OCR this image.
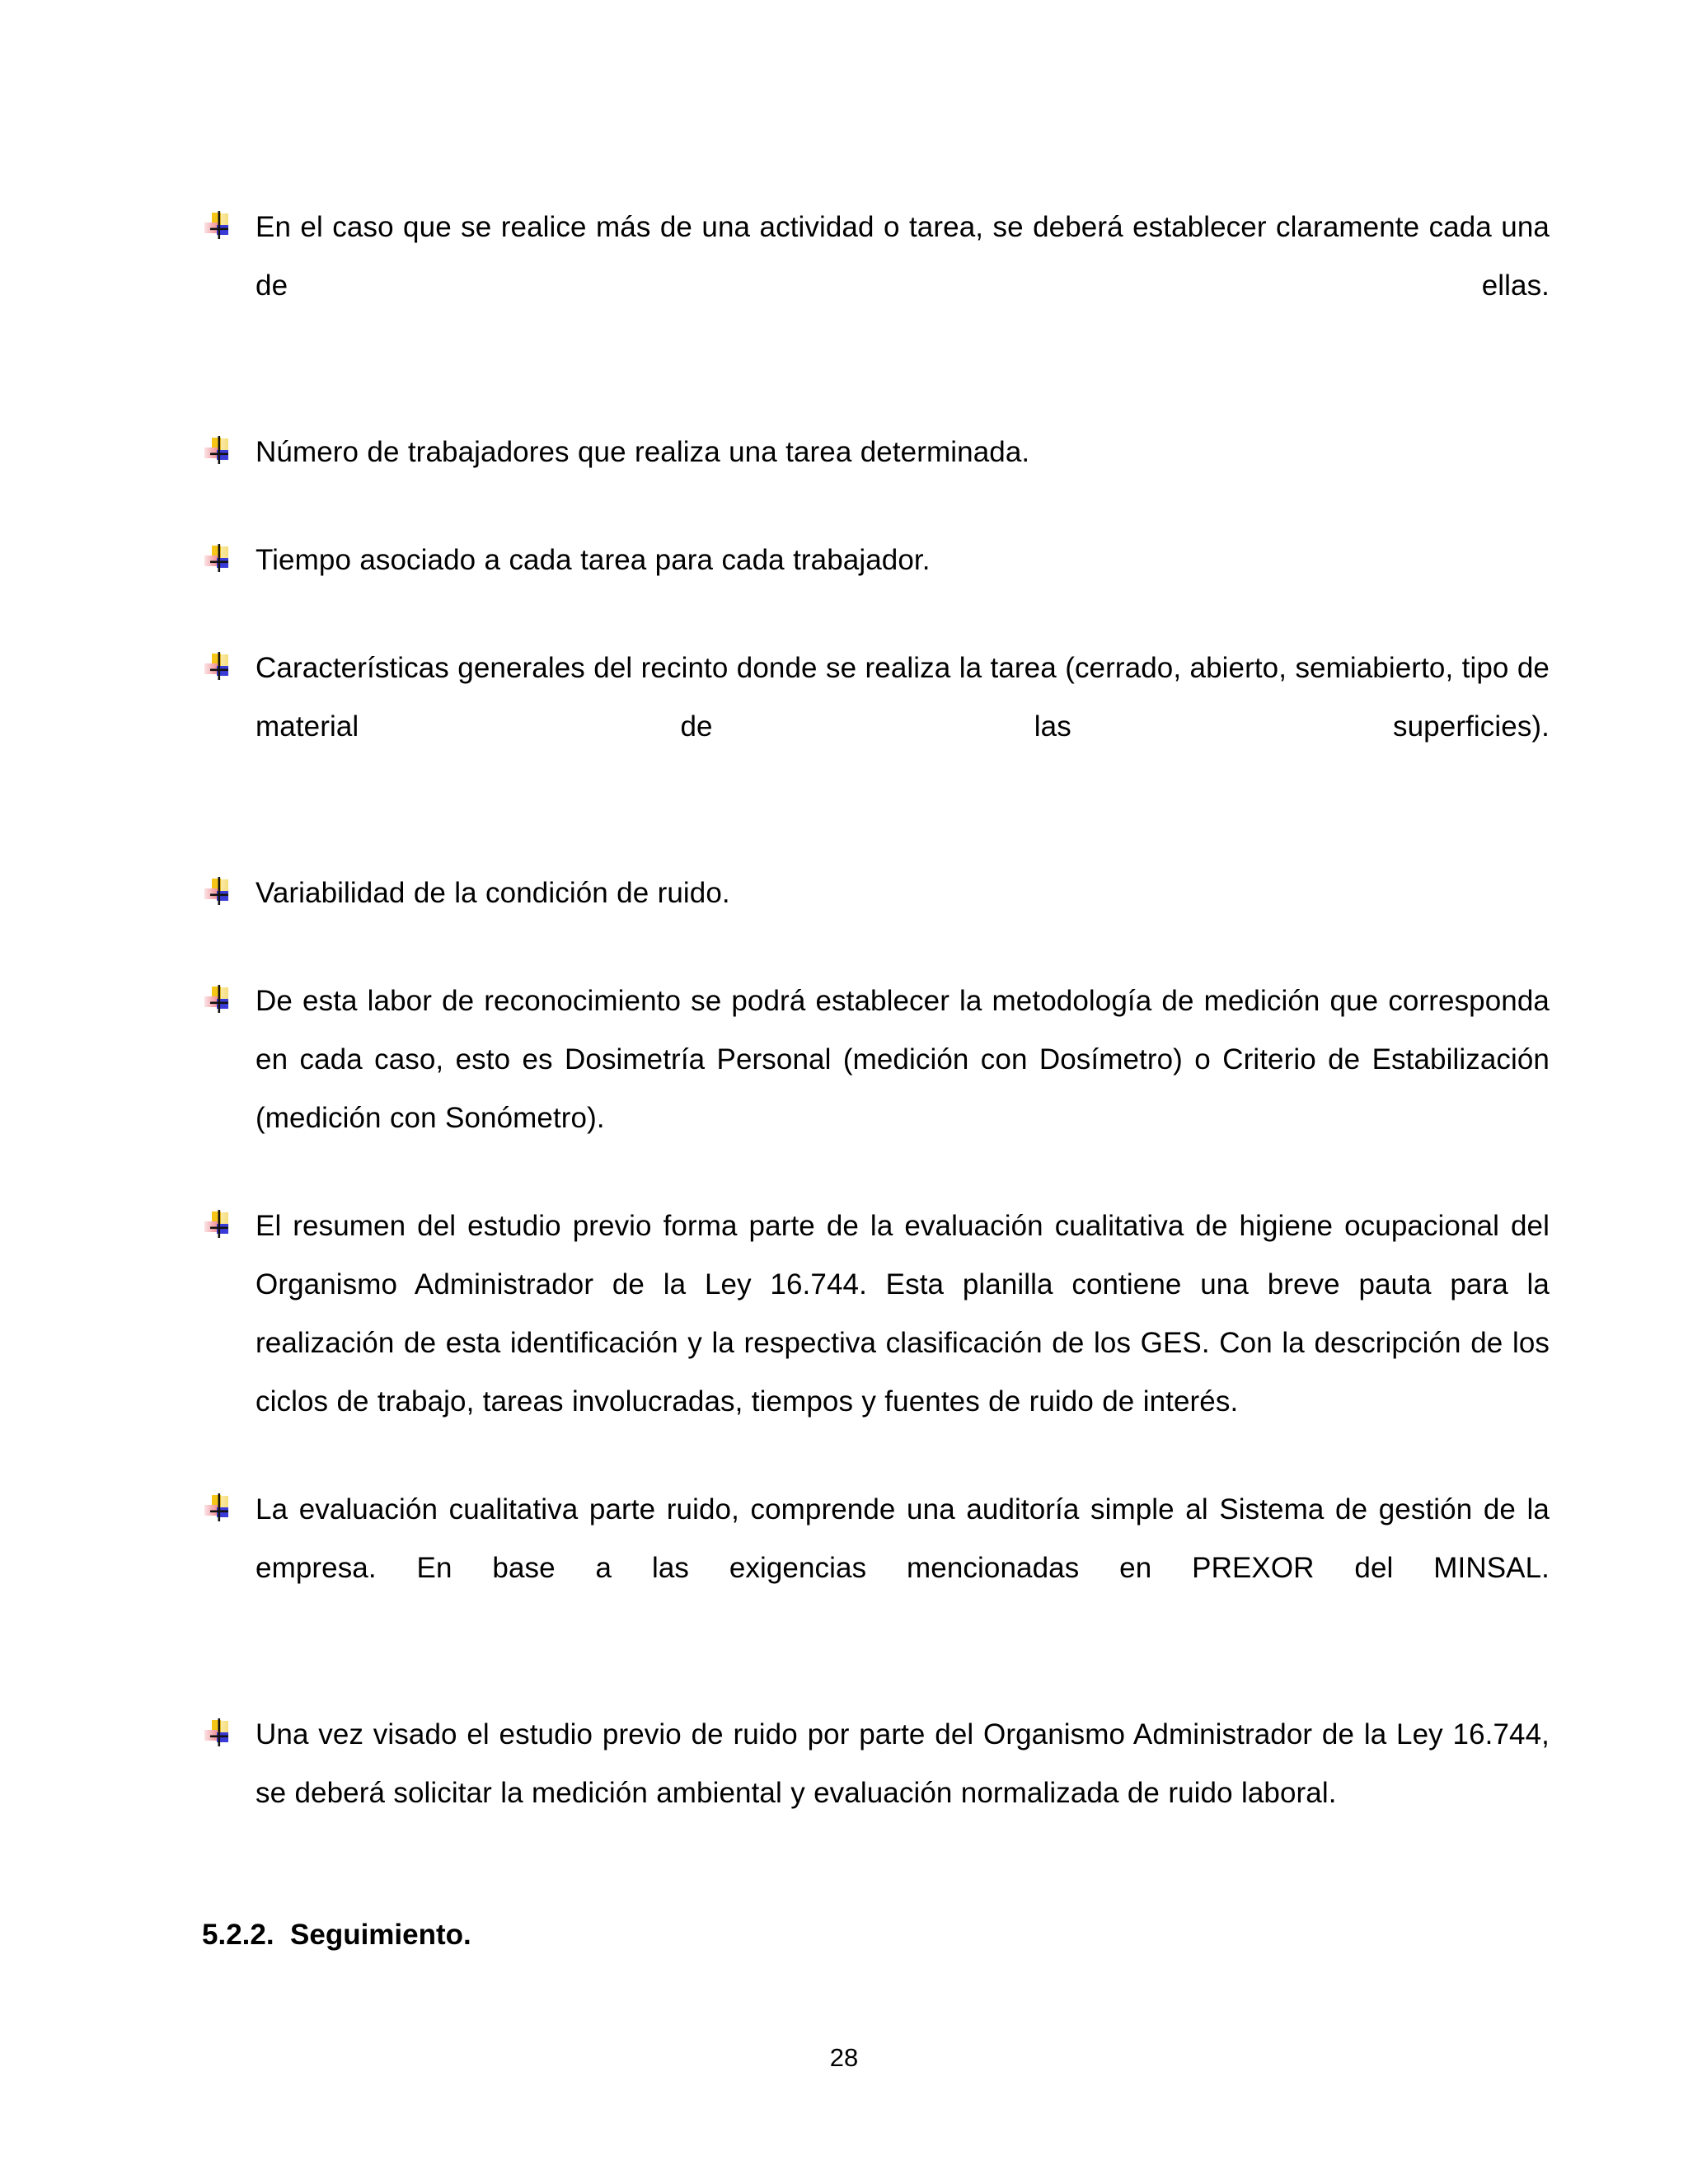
En el caso que se realice más de una actividad o tarea, se deberá establecer claramente cada una de ellas.
Número de trabajadores que realiza una tarea determinada.
Tiempo asociado a cada tarea para cada trabajador.
Características generales del recinto donde se realiza la tarea (cerrado, abierto, semiabierto, tipo de material de las superficies).
Variabilidad de la condición de ruido.
De esta labor de reconocimiento se podrá establecer la metodología de medición que corresponda en cada caso, esto es Dosimetría Personal (medición con Dosímetro) o Criterio de Estabilización (medición con Sonómetro).
El resumen del estudio previo forma parte de la evaluación cualitativa de higiene ocupacional del Organismo Administrador de la Ley 16.744. Esta planilla contiene una breve pauta para la realización de esta identificación y la respectiva clasificación de los GES. Con la descripción de los ciclos de trabajo, tareas involucradas, tiempos y fuentes de ruido de interés.
La evaluación cualitativa parte ruido, comprende una auditoría simple al Sistema de gestión de la empresa. En base a las exigencias mencionadas en PREXOR del MINSAL.
Una vez visado el estudio previo de ruido por parte del Organismo Administrador de la Ley 16.744, se deberá solicitar la medición ambiental y evaluación normalizada de ruido laboral.
5.2.2.  Seguimiento.
28
